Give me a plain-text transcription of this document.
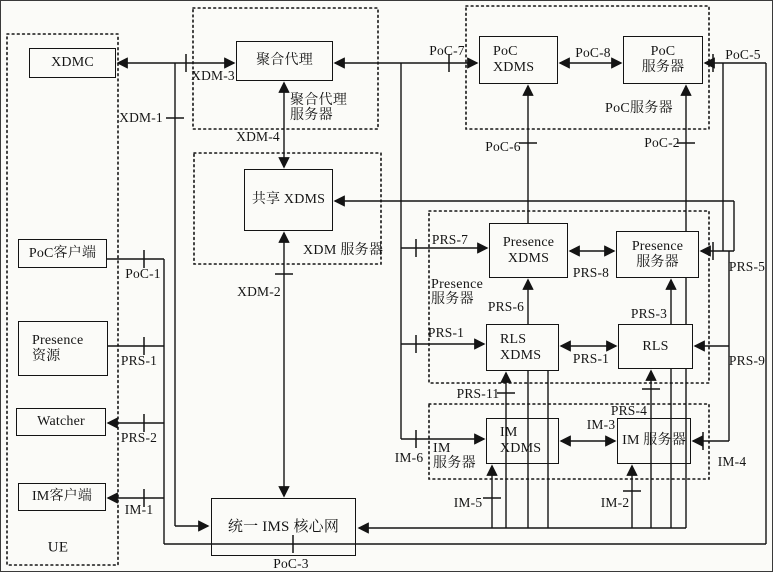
XDMC
PoC客户端
Presence
资源
Watcher
IM客户端
聚合代理
共享 XDMS
PoC
XDMS
PoC
服务器
Presence
XDMS
Presence
服务器
RLS
XDMS
RLS
IM
XDMS
IM 服务器
统一 IMS 核心网
XDM-3
XDM-1
XDM-4
XDM-2
PoC-1
PRS-1
PRS-2
IM-1
PoC-3
PoC-7	PoC-8	PoC-5
PoC-6	PoC-2
PRS-7
PRS-8	PRS-5
PRS-6	PRS-3
PRS-1
PRS-1	PRS-9
PRS-11
PRS-4
IM-6
IM-3
IM-4
IM-5	IM-2
UE
聚合代理
服务器
XDM 服务器
PoC服务器
Presence
服务器
IM
服务器
